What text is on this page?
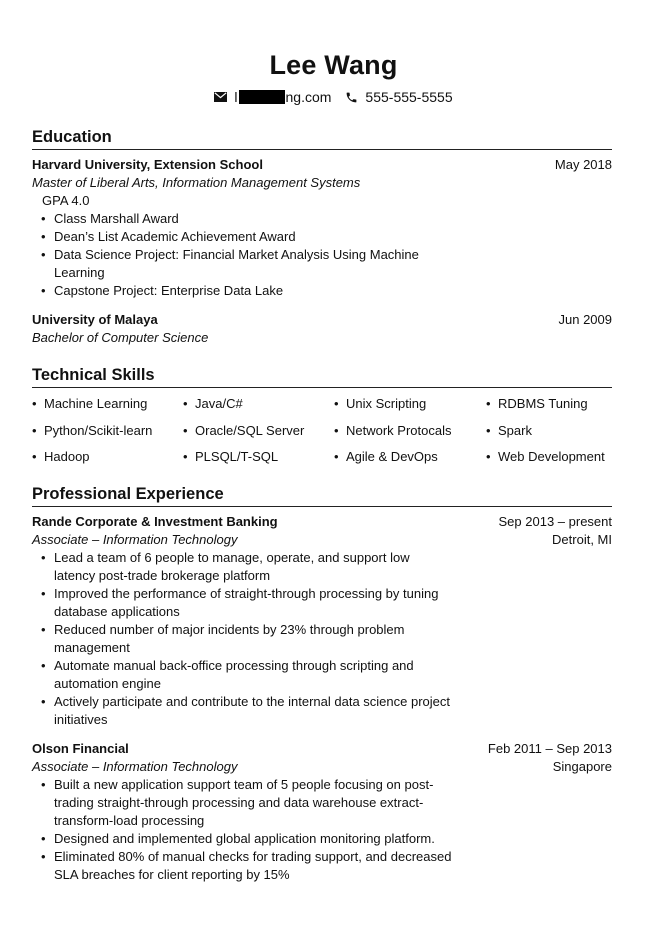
Lee Wang
l	ng.com 555-555-5555
Education
Harvard University, Extension School	May 2018
Master of Liberal Arts, Information Management Systems
GPA 4.0
• Class Marshall Award
• Dean’s List Academic Achievement Award
• Data Science Project: Financial Market Analysis Using Machine Learning
• Capstone Project: Enterprise Data Lake
University of Malaya	Jun 2009
Bachelor of Computer Science
Technical Skills
• Machine Learning	• Java/C#	• Unix Scripting	• RDBMS Tuning
• Python/Scikit-learn	• Oracle/SQL Server	• Network Protocals	• Spark
• Hadoop	• PLSQL/T-SQL	• Agile & DevOps	• Web Development
Professional Experience
Rande Corporate & Investment Banking	Sep 2013 – present
Associate – Information Technology	Detroit, MI
• Lead a team of 6 people to manage, operate, and support low latency post-trade brokerage platform
• Improved the performance of straight-through processing by tuning database applications
• Reduced number of major incidents by 23% through problem management
• Automate manual back-office processing through scripting and automation engine
• Actively participate and contribute to the internal data science project initiatives
Olson Financial	Feb 2011 – Sep 2013
Associate – Information Technology	Singapore
• Built a new application support team of 5 people focusing on post-trading straight-through processing and data warehouse extract-transform-load processing
• Designed and implemented global application monitoring platform.
• Eliminated 80% of manual checks for trading support, and decreased SLA breaches for client reporting by 15%
